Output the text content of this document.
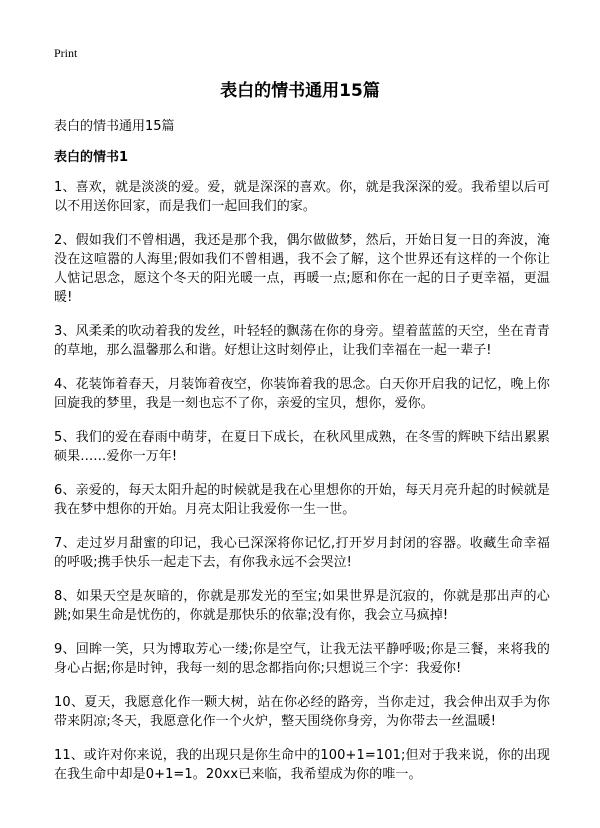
Print
表白的情书通用15篇
表白的情书通用15篇
表白的情书1

1、喜欢，就是淡淡的爱。爱，就是深深的喜欢。你，就是我深深的爱。我希望以后可以不用送你回家，而是我们一起回我们的家。

2、假如我们不曾相遇，我还是那个我，偶尔做做梦，然后，开始日复一日的奔波，淹没在这喧嚣的人海里;假如我们不曾相遇，我不会了解，这个世界还有这样的一个你让人惦记思念，愿这个冬天的阳光暖一点，再暖一点;愿和你在一起的日子更幸福，更温暖!

3、风柔柔的吹动着我的发丝，叶轻轻的飘荡在你的身旁。望着蓝蓝的天空，坐在青青的草地，那么温馨那么和谐。好想让这时刻停止，让我们幸福在一起一辈子!

4、花装饰着春天，月装饰着夜空，你装饰着我的思念。白天你开启我的记忆，晚上你回旋我的梦里，我是一刻也忘不了你，亲爱的宝贝，想你，爱你。

5、我们的爱在春雨中萌芽，在夏日下成长，在秋风里成熟，在冬雪的辉映下结出累累硕果……爱你一万年!

6、亲爱的，每天太阳升起的时候就是我在心里想你的开始，每天月亮升起的时候就是我在梦中想你的开始。月亮太阳让我爱你一生一世。

7、走过岁月甜蜜的印记，我心已深深将你记忆,打开岁月封闭的容器。收藏生命幸福的呼吸;携手快乐一起走下去，有你我永远不会哭泣!

8、如果天空是灰暗的，你就是那发光的至宝;如果世界是沉寂的，你就是那出声的心跳;如果生命是忧伤的，你就是那快乐的依靠;没有你，我会立马疯掉!

9、回眸一笑，只为博取芳心一缕;你是空气，让我无法平静呼吸;你是三餐，来将我的身心占据;你是时钟，我每一刻的思念都指向你;只想说三个字：我爱你!

10、夏天，我愿意化作一颗大树，站在你必经的路旁，当你走过，我会伸出双手为你带来阴凉;冬天，我愿意化作一个火炉，整天围绕你身旁，为你带去一丝温暖!

11、或许对你来说，我的出现只是你生命中的100+1=101;但对于我来说，你的出现在我生命中却是0+1=1。20xx已来临，我希望成为你的唯一。
